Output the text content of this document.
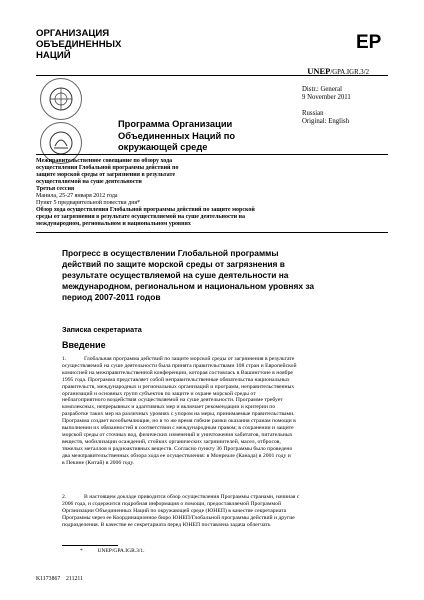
ОРГАНИЗАЦИЯ
ОБЪЕДИНЕННЫХ
НАЦИЙ
EP
UNEP/GPA.IGR.3/2
Distr.: General
9 November 2011
Russian
Original: English
Программа Организации
Объединенных Наций по
окружающей среде
Межправительственное совещание по обзору хода
осуществления Глобальной программы действий по
защите морской среды от загрязнения в результате
осуществляемой на суше деятельности
Третья сессия
Манила, 25-27 января 2012 года
Пункт 5 предварительной повестки дня*
Обзор хода осуществления Глобальной программы действий по защите морской
среды от загрязнения в результате осуществляемой на суше деятельности на
международном, региональном и национальном уровнях
Прогресс в осуществлении Глобальной программы
действий по защите морской среды от загрязнения в
результате осуществляемой на суше деятельности на
международном, региональном и национальном уровнях за
период 2007-2011 годов
Записка секретариата
Введение
1.	Глобальная программа действий по защите морской среды от загрязнения в результате
осуществляемой на суше деятельности была принята правительствами 108 стран и Европейской
комиссией на межправительственной конференции, которая состоялась в Вашингтоне в ноябре
1995 года. Программа представляет собой неправительственные обязательства национальных
правительств, международных и региональных организаций и программ, неправительственных
организаций и основных групп субъектов по защите и охране морской среды от
неблагоприятного воздействия осуществляемой на суше деятельности. Программе требует
комплексных, непрерывных и адаптивных мер и включает рекомендации и критерии по
разработке таких мер на различных уровнях с упором на меры, принимаемые правительствами.
Программа создает всеобъемлющие, но в то же время гибкие рамки оказания странам помощи в
выполнении их обязанностей в соответствии с международным правом; в сохранении и защите
морской среды от сточных вод, физических изменений и уничтожения хабитатов, питательных
веществ, мобилизации осаждений, стойких органических загрязнителей, масел, отбросов,
тяжелых металлов и радиоактивных веществ. Согласно пункту 36 Программы было проведено
два межправительственных обзора хода ее осуществления: в Монреале (Канада) в 2001 году и
в Пекине (Китай) в 2006 году.
2.	В настоящем докладе приводится обзор осуществления Программы странами, начиная с
2006 года, и содержится подробная информация о помощи, предоставляемой Программой
Организации Объединенных Наций по окружающей среде (ЮНЕП) в качестве секретариата
Программы через ее Координационное бюро ЮНЕП/Глобальной программы действий и другие
подразделения. В качестве ее секретариата перед ЮНЕП поставлена задача облегчать
*	UNEP/GPA.IGR.3/1.
K1173867    211211
